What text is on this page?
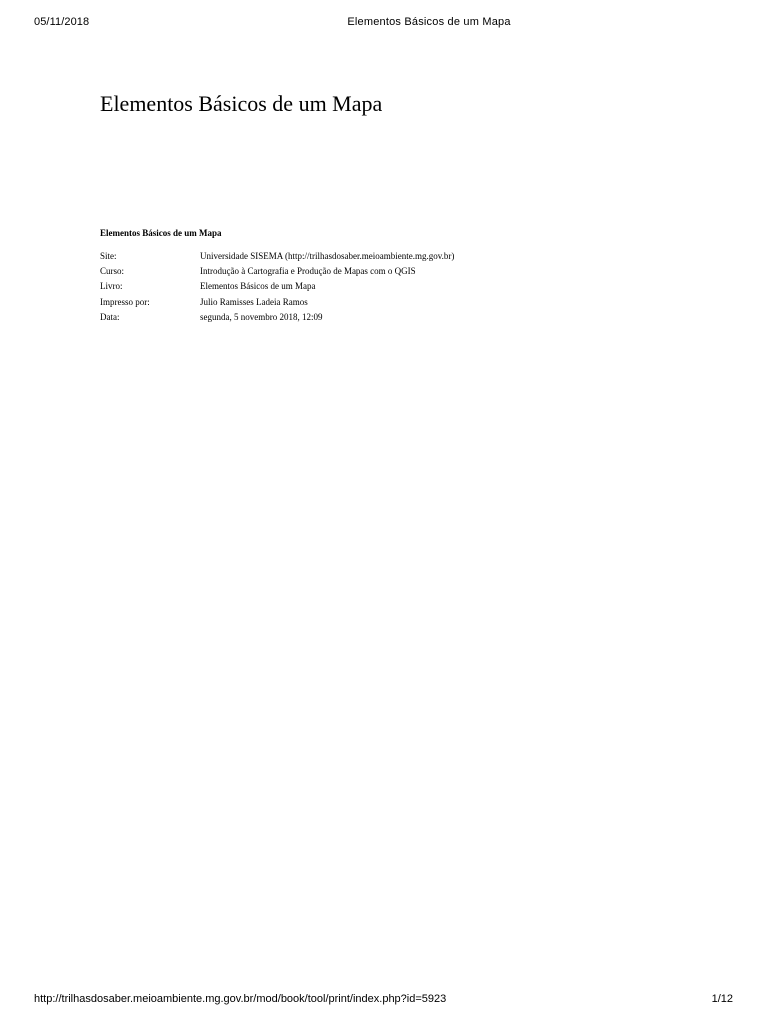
05/11/2018	Elementos Básicos de um Mapa
Elementos Básicos de um Mapa
Elementos Básicos de um Mapa
Site:	Universidade SISEMA (http://trilhasdosaber.meioambiente.mg.gov.br)
Curso:	Introdução à Cartografia e Produção de Mapas com o QGIS
Livro:	Elementos Básicos de um Mapa
Impresso por:	Julio Ramisses Ladeia Ramos
Data:	segunda, 5 novembro 2018, 12:09
http://trilhasdosaber.meioambiente.mg.gov.br/mod/book/tool/print/index.php?id=5923	1/12
